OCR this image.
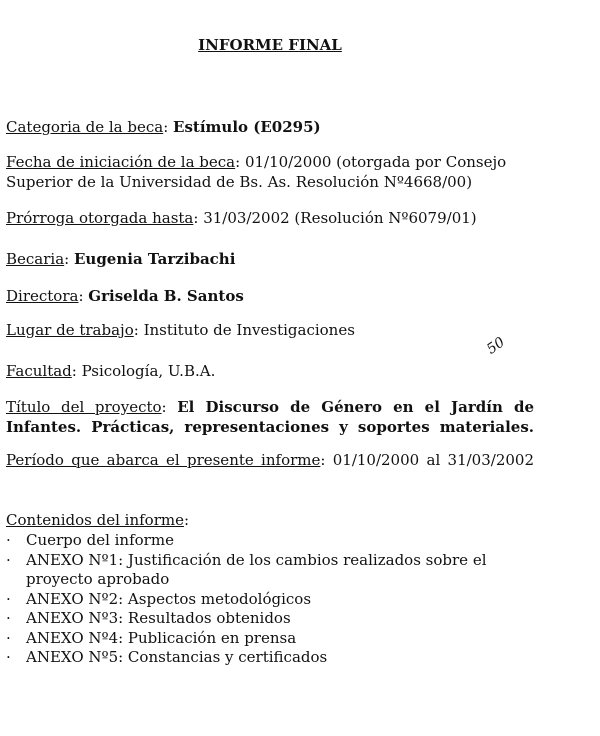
INFORME FINAL
Categoria de la beca: Estímulo (E0295)
Fecha de iniciación de la beca: 01/10/2000 (otorgada por Consejo Superior de la Universidad de Bs. As. Resolución Nº4668/00)
Prórroga otorgada hasta: 31/03/2002 (Resolución Nº6079/01)
Becaria: Eugenia Tarzibachi
Directora: Griselda B. Santos
Lugar de trabajo: Instituto de Investigaciones
Facultad: Psicología, U.B.A.
Título del proyecto: El Discurso de Género en el Jardín de Infantes. Prácticas, representaciones y soportes materiales.
Período que abarca el presente informe: 01/10/2000 al 31/03/2002
Contenidos del informe:
· Cuerpo del informe
· ANEXO Nº1: Justificación de los cambios realizados sobre el proyecto aprobado
· ANEXO Nº2: Aspectos metodológicos
· ANEXO Nº3: Resultados obtenidos
· ANEXO Nº4: Publicación en prensa
· ANEXO Nº5: Constancias y certificados
50
